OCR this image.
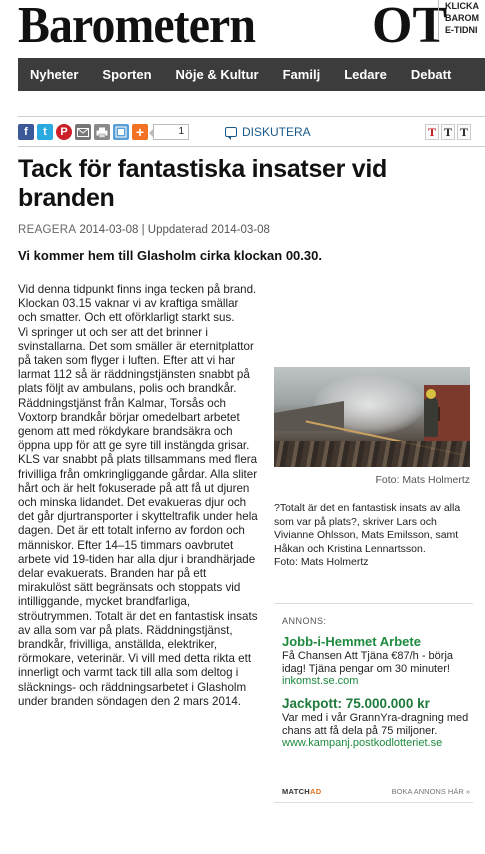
Barometern OT
KLICKA
BAROM
E-TIDNI
Nyheter	Sporten	Nöje & Kultur	Familj	Ledare	Debatt
f	t	P	+	1	DISKUTERA	T T T
Tack för fantastiska insatser vid branden
REAGERA 2014-03-08 | Uppdaterad 2014-03-08
Vi kommer hem till Glasholm cirka klockan 00.30.

Vid denna tidpunkt finns inga tecken på brand. Klockan 03.15 vaknar vi av kraftiga smällar och smatter. Och ett oförklarligt starkt sus.

Vi springer ut och ser att det brinner i svinstallarna. Det som smäller är eternitplattor på taken som flyger i luften. Efter att vi har larmat 112 så är räddningstjänsten snabbt på plats följt av ambulans, polis och brandkår. Räddningstjänst från Kalmar, Torsås och Voxtorp brandkår börjar omedelbart arbetet genom att med rökdykare brandsäkra och öppna upp för att ge syre till instängda grisar.

KLS var snabbt på plats tillsammans med flera frivilliga från omkringliggande gårdar. Alla sliter hårt och är helt fokuserade på att få ut djuren och minska lidandet. Det evakueras djur och det går djurtransporter i skytteltrafik under hela dagen. Det är ett totalt inferno av fordon och människor. Efter 14–15 timmars oavbrutet arbete vid 19-tiden har alla djur i brandhärjade delar evakuerats. Branden har på ett mirakulöst sätt begränsats och stoppats vid intilliggande, mycket brandfarliga, ströutrymmen. Totalt är det en fantastisk insats av alla som var på plats. Räddningstjänst, brandkår, frivilliga, anställda, elektriker, rörmokare, veterinär. Vi vill med detta rikta ett innerligt och varmt tack till alla som deltog i släcknings- och räddningsarbetet i Glasholm under branden söndagen den 2 mars 2014.

Foto: Mats Holmertz
?Totalt är det en fantastisk insats av alla som var på plats?, skriver Lars och Vivianne Ohlsson, Mats Emilsson, samt Håkan och Kristina Lennartsson.
Foto: Mats Holmertz
ANNONS:
Jobb-i-Hemmet Arbete
Få Chansen Att Tjäna €87/h - börja idag! Tjäna pengar om 30 minuter!
inkomst.se.com
Jackpott: 75.000.000 kr
Var med i vår GrannYra-dragning med chans att få dela på 75 miljoner.
www.kampanj.postkodlotteriet.se
MATCHAD	BOKA ANNONS HÄR »
